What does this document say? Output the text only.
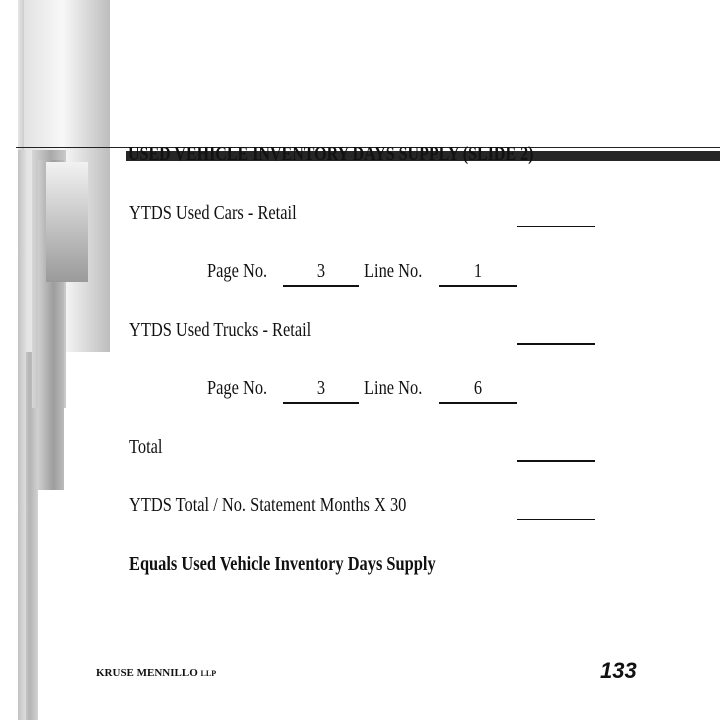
USED VEHICLE INVENTORY DAYS SUPPLY (SLIDE 2)
YTDS Used Cars - Retail
Page No.	3	Line No.	1
YTDS Used Trucks - Retail
Page No.	3	Line No.	6
Total
YTDS Total / No. Statement Months X 30
Equals Used Vehicle Inventory Days Supply
KRUSE MENNILLO LLP	133
